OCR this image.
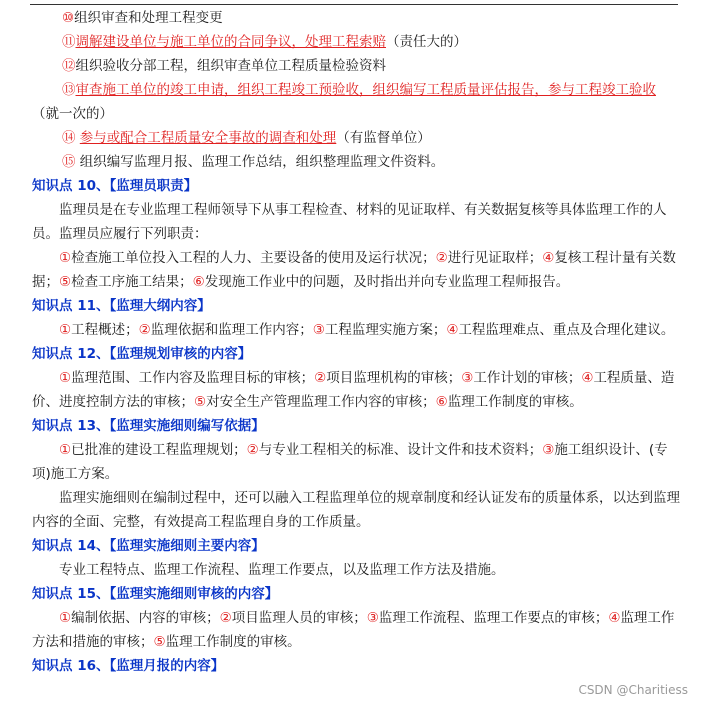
⑩组织审查和处理工程变更

⑪调解建设单位与施工单位的合同争议，处理工程索赔（责任大的）

⑫组织验收分部工程，组织审查单位工程质量检验资料

⑬审查施工单位的竣工申请，组织工程竣工预验收，组织编写工程质量评估报告，参与工程竣工验收

（就一次的）

⑭ 参与或配合工程质量安全事故的调查和处理（有监督单位）

⑮ 组织编写监理月报、监理工作总结，组织整理监理文件资料。

知识点 10、【监理员职责】

监理员是在专业监理工程师领导下从事工程检查、材料的见证取样、有关数据复核等具体监理工作的人员。监理员应履行下列职责：

①检查施工单位投入工程的人力、主要设备的使用及运行状况；②进行见证取样；④复核工程计量有关数据；⑤检查工序施工结果；⑥发现施工作业中的问题，及时指出并向专业监理工程师报告。

知识点 11、【监理大纲内容】

①工程概述；②监理依据和监理工作内容；③工程监理实施方案；④工程监理难点、重点及合理化建议。

知识点 12、【监理规划审核的内容】

①监理范围、工作内容及监理目标的审核；②项目监理机构的审核；③工作计划的审核；④工程质量、造价、进度控制方法的审核；⑤对安全生产管理监理工作内容的审核；⑥监理工作制度的审核。

知识点 13、【监理实施细则编写依据】

①已批准的建设工程监理规划；②与专业工程相关的标准、设计文件和技术资料；③施工组织设计、(专项)施工方案。

监理实施细则在编制过程中，还可以融入工程监理单位的规章制度和经认证发布的质量体系，以达到监理内容的全面、完整，有效提高工程监理自身的工作质量。

知识点 14、【监理实施细则主要内容】

专业工程特点、监理工作流程、监理工作要点，以及监理工作方法及措施。

知识点 15、【监理实施细则审核的内容】

①编制依据、内容的审核；②项目监理人员的审核；③监理工作流程、监理工作要点的审核；④监理工作方法和措施的审核；⑤监理工作制度的审核。

知识点 16、【监理月报的内容】

CSDN @Charitiess
